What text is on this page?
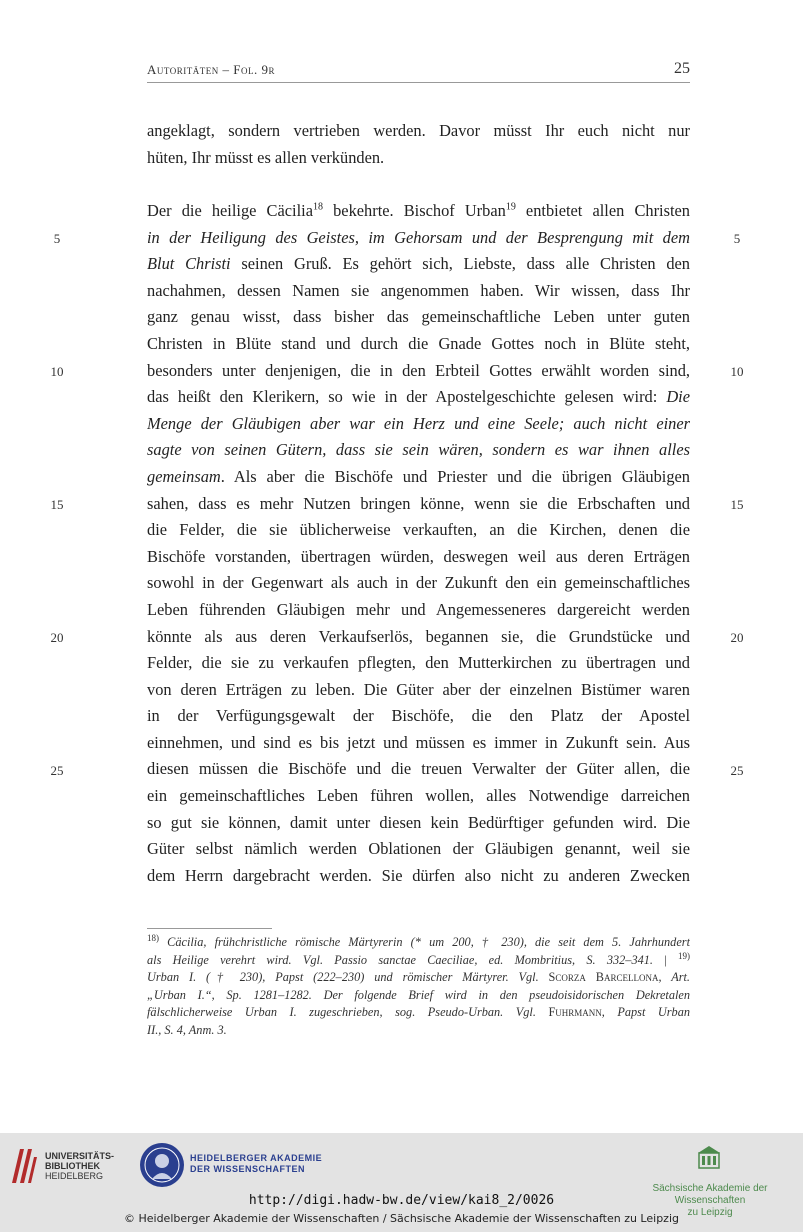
Autoritäten – Fol. 9r	25
angeklagt, sondern vertrieben werden. Davor müsst Ihr euch nicht nur
hüten, Ihr müsst es allen verkünden.
Der die heilige Cäcilia$^{18}$ bekehrte. Bischof Urban$^{19}$ entbietet allen Christen
in der Heiligung des Geistes, im Gehorsam und der Besprengung mit dem
Blut Christi seinen Gruß. Es gehört sich, Liebste, dass alle Christen den
nachahmen, dessen Namen sie angenommen haben. Wir wissen, dass Ihr
ganz genau wisst, dass bisher das gemeinschaftliche Leben unter guten
Christen in Blüte stand und durch die Gnade Gottes noch in Blüte steht,
besonders unter denjenigen, die in den Erbteil Gottes erwählt worden sind,
das heißt den Klerikern, so wie in der Apostelgeschichte gelesen wird: Die
Menge der Gläubigen aber war ein Herz und eine Seele; auch nicht einer
sagte von seinen Gütern, dass sie sein wären, sondern es war ihnen alles
gemeinsam. Als aber die Bischöfe und Priester und die übrigen Gläubigen
sahen, dass es mehr Nutzen bringen könne, wenn sie die Erbschaften und
die Felder, die sie üblicherweise verkauften, an die Kirchen, denen die
Bischöfe vorstanden, übertragen würden, deswegen weil aus deren Erträgen
sowohl in der Gegenwart als auch in der Zukunft den ein gemeinschaftliches
Leben führenden Gläubigen mehr und Angemesseneres dargereicht werden
könnte als aus deren Verkaufserlös, begannen sie, die Grundstücke und
Felder, die sie zu verkaufen pflegten, den Mutterkirchen zu übertragen und
von deren Erträgen zu leben. Die Güter aber der einzelnen Bistümer waren
in der Verfügungsgewalt der Bischöfe, die den Platz der Apostel
einnehmen, und sind es bis jetzt und müssen es immer in Zukunft sein. Aus
diesen müssen die Bischöfe und die treuen Verwalter der Güter allen, die
ein gemeinschaftliches Leben führen wollen, alles Notwendige darreichen
so gut sie können, damit unter diesen kein Bedürftiger gefunden wird. Die
Güter selbst nämlich werden Oblationen der Gläubigen genannt, weil sie
dem Herrn dargebracht werden. Sie dürfen also nicht zu anderen Zwecken
5	5
10	10
15	15
20	20
25	25
$^{18)}$ Cäcilia, frühchristliche römische Märtyrerin (* um 200, † 230), die seit dem 5. Jahrhundert
als Heilige verehrt wird. Vgl. Passio sanctae Caeciliae, ed. Mombritius, S. 332–341. | $^{19)}$
Urban I. († 230), Papst (222–230) und römischer Märtyrer. Vgl. Scorza Barcellona, Art.
„Urban I.“, Sp. 1281–1282. Der folgende Brief wird in den pseudoisidorischen Dekretalen
fälschlicherweise Urban I. zugeschrieben, sog. Pseudo-Urban. Vgl. Fuhrmann, Papst Urban
II., S. 4, Anm. 3.
UNIVERSITÄTS-
BIBLIOTHEK
HEIDELBERG
HEIDELBERGER AKADEMIE
DER WISSENSCHAFTEN
Sächsische Akademie der Wissenschaften
zu Leipzig
http://digi.hadw-bw.de/view/kai8_2/0026
© Heidelberger Akademie der Wissenschaften / Sächsische Akademie der Wissenschaften zu Leipzig
